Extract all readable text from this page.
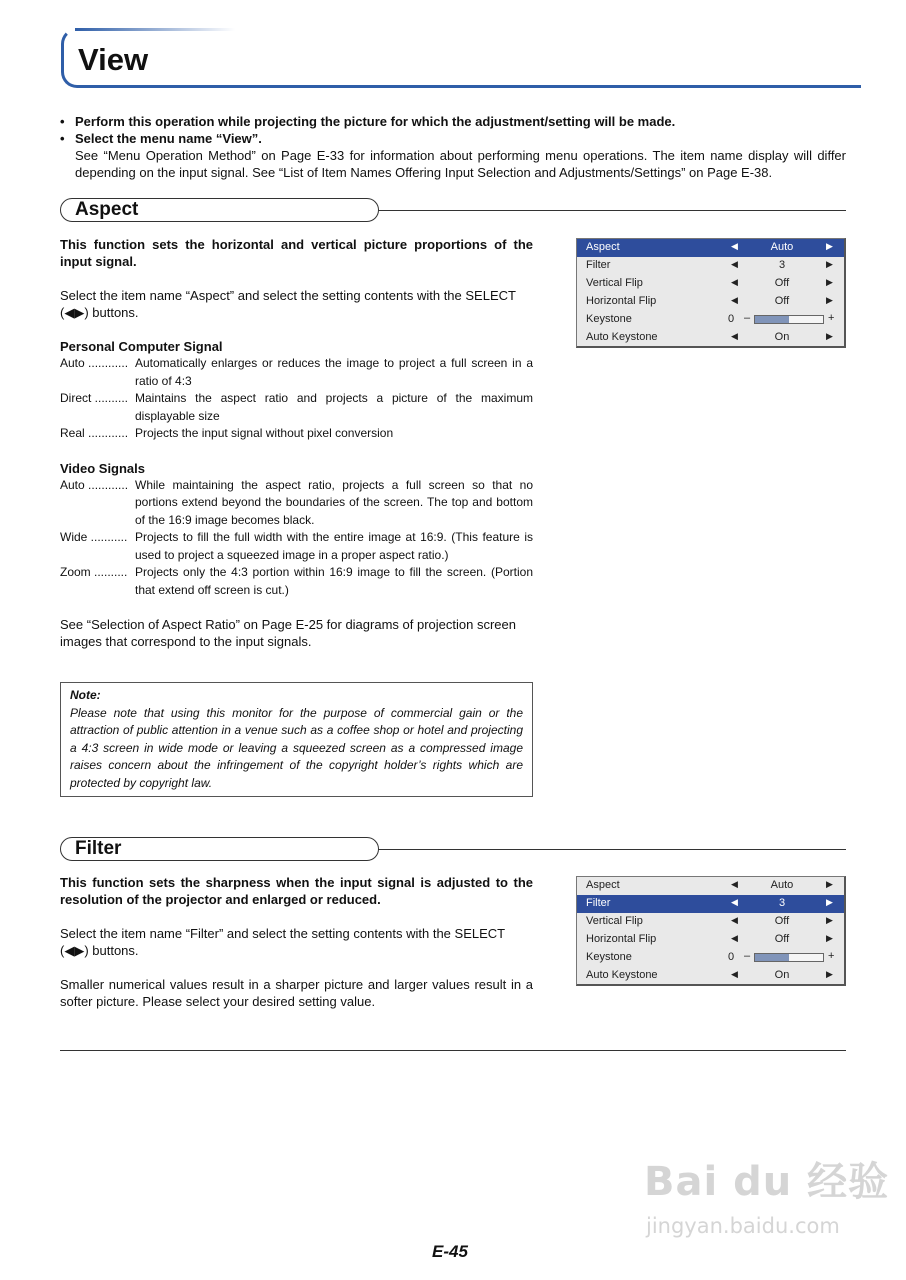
View
• Perform this operation while projecting the picture for which the adjustment/setting will be made.
• Select the menu name “View”.
See “Menu Operation Method” on Page E-33 for information about performing menu operations. The item name display will differ depending on the input signal. See “List of Item Names Offering Input Selection and Adjustments/Settings” on Page E-38.
Aspect

This function sets the horizontal and vertical picture proportions of the input signal.

Select the item name “Aspect” and select the setting contents with the SELECT (◀▶) buttons.

Personal Computer Signal

Auto ............ Automatically enlarges or reduces the image to project a full screen in a ratio of 4:3
Direct .......... Maintains the aspect ratio and projects a picture of the maximum displayable size
Real ............ Projects the input signal without pixel conversion

Video Signals

Auto ............ While maintaining the aspect ratio, projects a full screen so that no portions extend beyond the boundaries of the screen. The top and bottom of the 16:9 image becomes black.
Wide ........... Projects to fill the full width with the entire image at 16:9. (This feature is used to project a squeezed image in a proper aspect ratio.)
Zoom .......... Projects only the 4:3 portion within 16:9 image to fill the screen. (Portion that extend off screen is cut.)

See “Selection of Aspect Ratio” on Page E-25 for diagrams of projection screen images that correspond to the input signals.

Note:
Please note that using this monitor for the purpose of commercial gain or the attraction of public attention in a venue such as a coffee shop or hotel and projecting a 4:3 screen in wide mode or leaving a squeezed screen as a compressed image raises concern about the infringement of the copyright holder’s rights which are protected by copyright law.
Aspect	◀	Auto	▶
Filter	◀	3	▶
Vertical Flip	◀	Off	▶
Horizontal Flip	◀	Off	▶
Keystone	0 –	+
Auto Keystone	◀	On	▶
Filter

This function sets the sharpness when the input signal is adjusted to the resolution of the projector and enlarged or reduced.

Select the item name “Filter” and select the setting contents with the SELECT (◀▶) buttons.

Smaller numerical values result in a sharper picture and larger values result in a softer picture. Please select your desired setting value.

Aspect	◀	Auto	▶
Filter	◀	3	▶
Vertical Flip	◀	Off	▶
Horizontal Flip	◀	Off	▶
Keystone	0 –	+
Auto Keystone	◀	On	▶
Bai du 经验
jingyan.baidu.com
E-45
